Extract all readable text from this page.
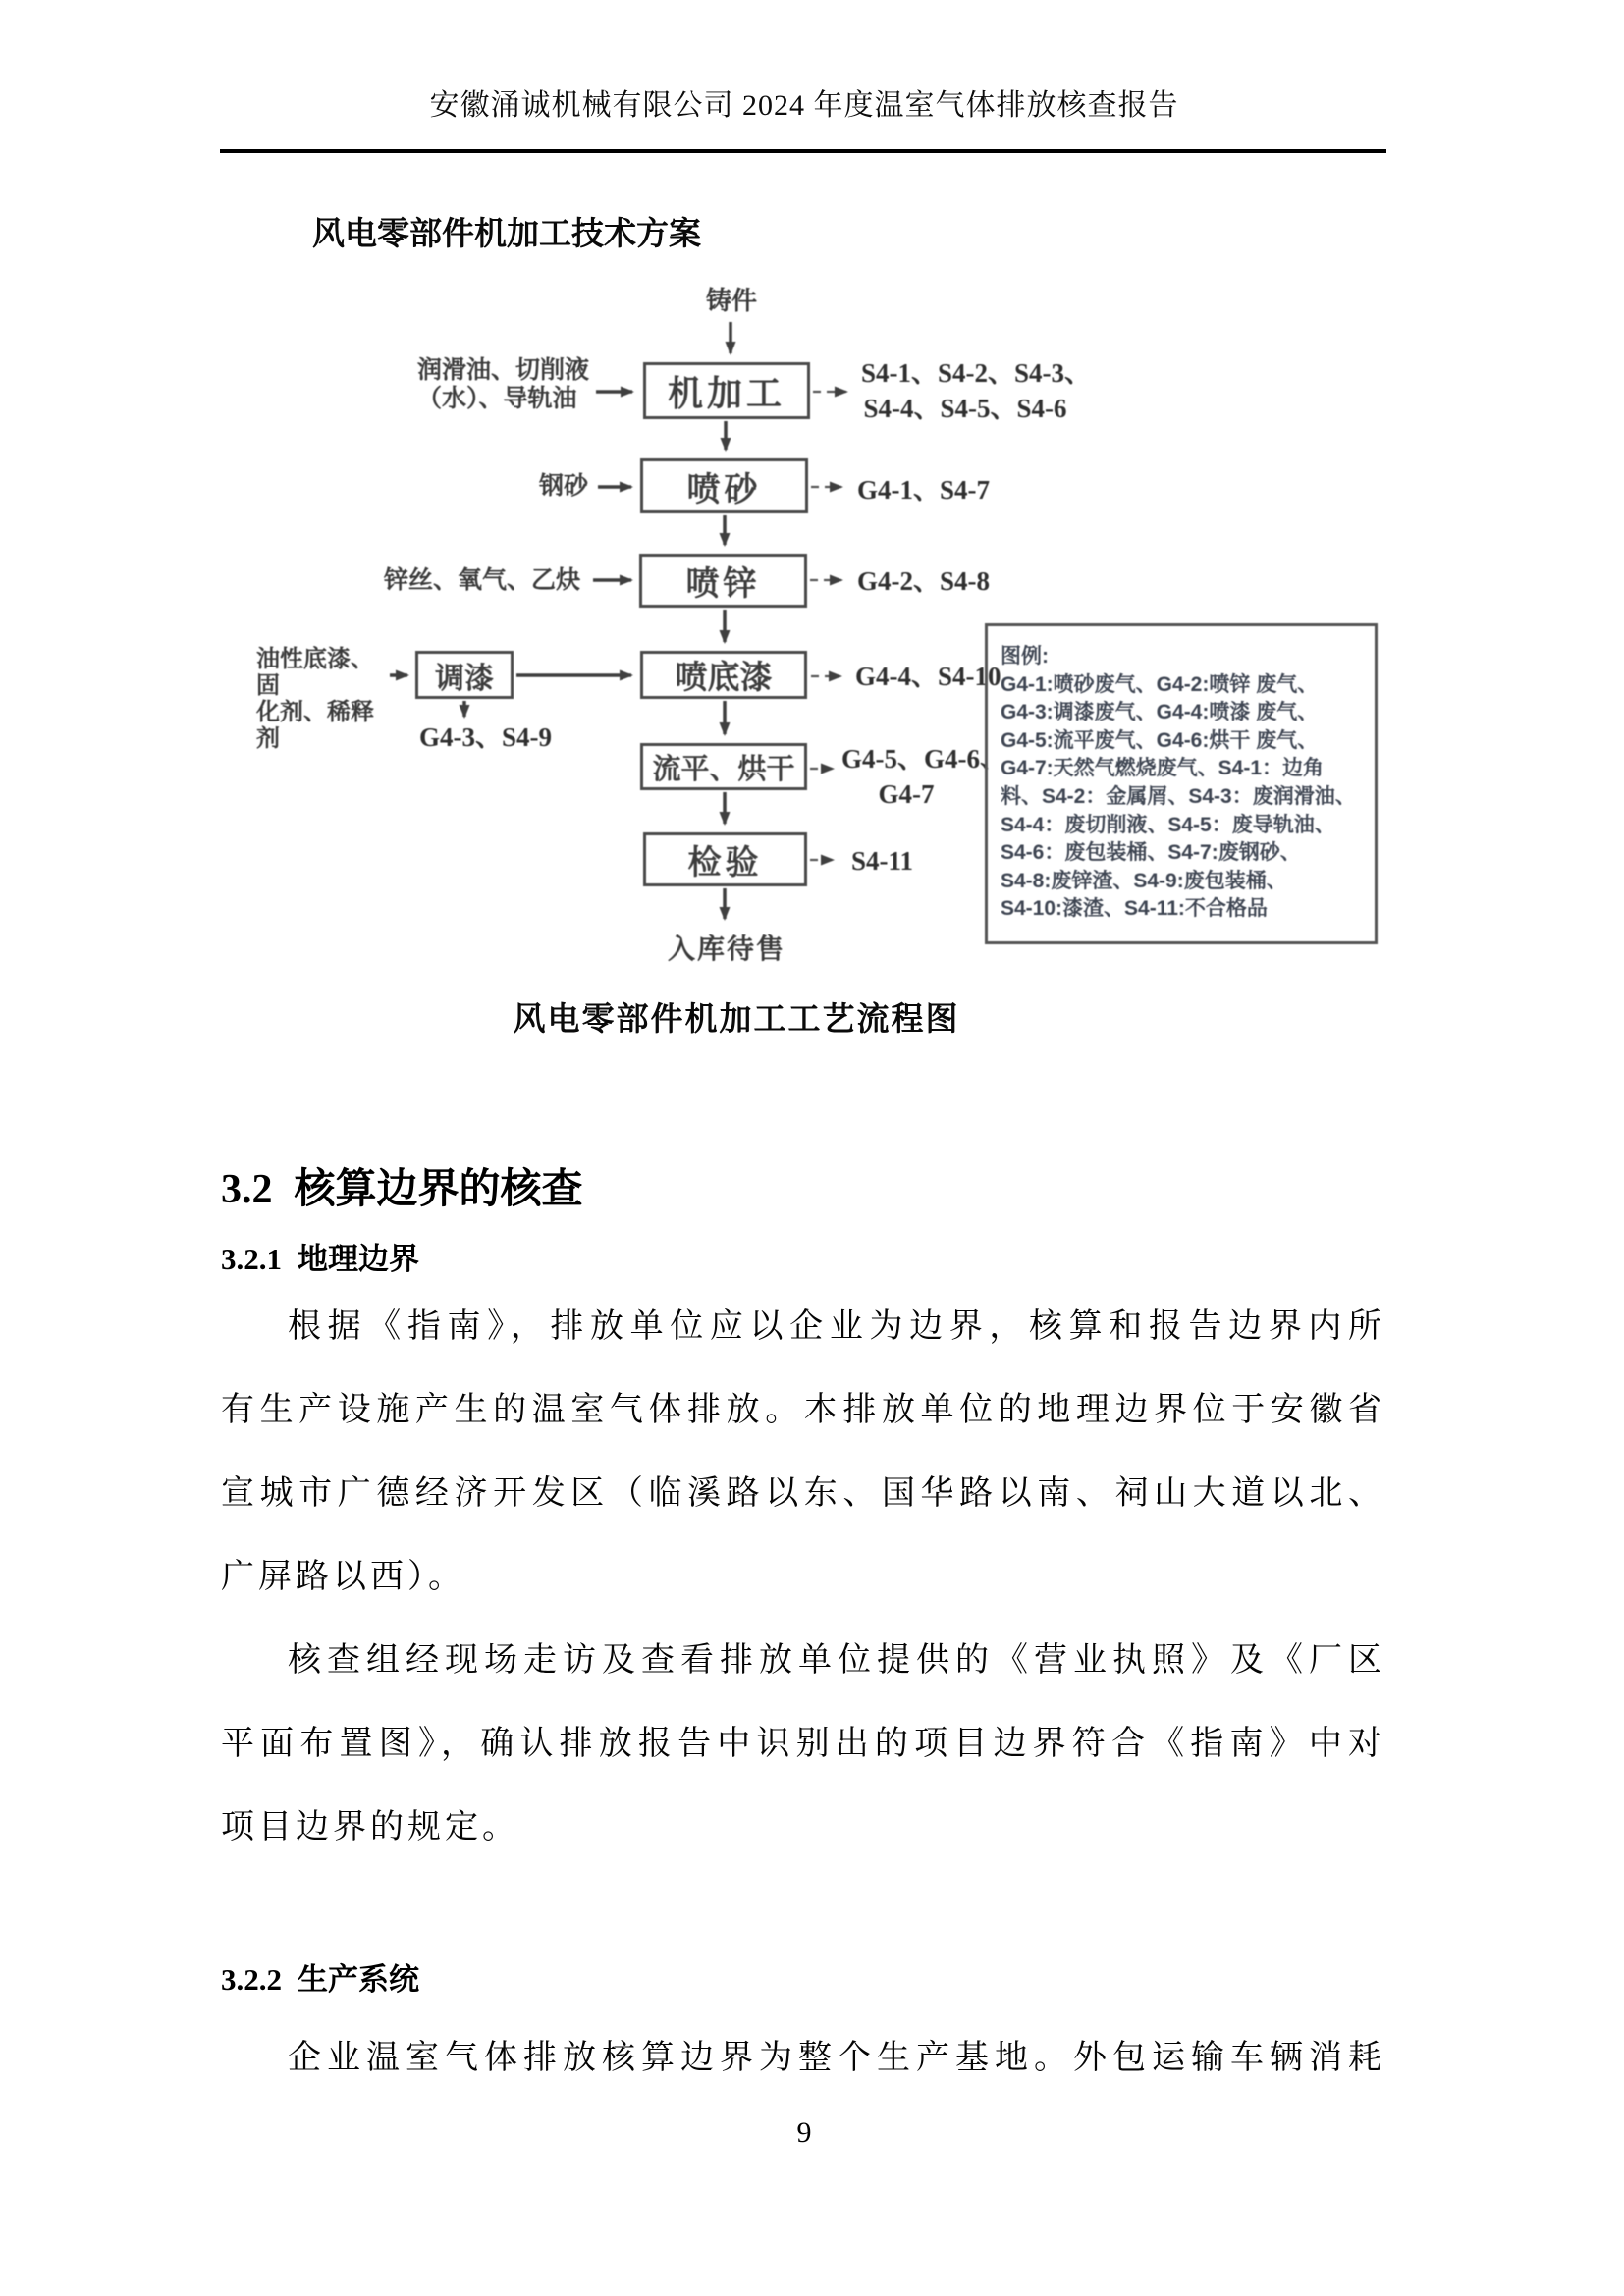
安徽涌诚机械有限公司 2024 年度温室气体排放核查报告
风电零部件机加工技术方案
铸件
入库待售
机加工
喷砂
喷锌
调漆	喷底漆
流平、烘干
检验
润滑油、切削液
（水）、导轨油
钢砂
锌丝、氧气、乙炔
油性底漆、固
化剂、稀释剂
S4-1、S4-2、S4-3、
S4-4、S4-5、S4-6
G4-1、S4-7
G4-2、S4-8
G4-3、S4-9
G4-4、S4-10
G4-5、G4-6、
G4-7
S4-11
图例:
G4-1:喷砂废气、G4-2:喷锌 废气、
G4-3:调漆废气、G4-4:喷漆 废气、
G4-5:流平废气、G4-6:烘干 废气、
G4-7:天然气燃烧废气、S4-1：边角
料、S4-2：金属屑、S4-3：废润滑油、
S4-4：废切削液、S4-5：废导轨油、
S4-6：废包装桶、S4-7:废钢砂、
S4-8:废锌渣、S4-9:废包装桶、
S4-10:漆渣、S4-11:不合格品
风电零部件机加工工艺流程图
3.2 核算边界的核查
3.2.1 地理边界
根据《指南》，排放单位应以企业为边界，核算和报告边界内所
有生产设施产生的温室气体排放。本排放单位的地理边界位于安徽省
宣城市广德经济开发区（临溪路以东、国华路以南、祠山大道以北、
广屏路以西）。
核查组经现场走访及查看排放单位提供的《营业执照》及《厂区
平面布置图》，确认排放报告中识别出的项目边界符合《指南》中对
项目边界的规定。
3.2.2 生产系统
企业温室气体排放核算边界为整个生产基地。外包运输车辆消耗
9
